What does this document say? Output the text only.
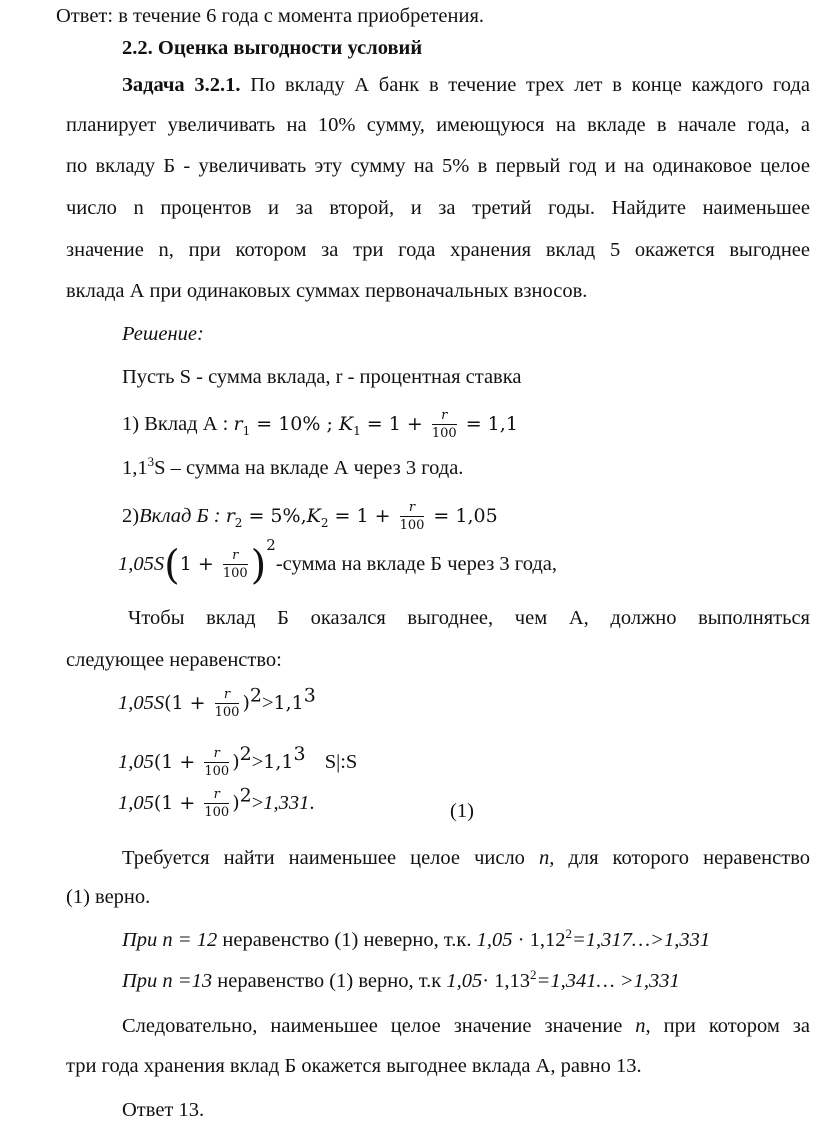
Ответ: в течение 6 года с момента приобретения.
2.2. Оценка выгодности условий
Задача 3.2.1. По вкладу А банк в течение трех лет в конце каждого года
планирует увеличивать на 10% сумму, имеющуюся на вкладе в начале года, а
по вкладу Б - увеличивать эту сумму на 5% в первый год и на одинаковое целое
число n процентов и за второй, и за третий годы. Найдите наименьшее
значение n, при котором за три года хранения вклад 5 окажется выгоднее
вклада А при одинаковых суммах первоначальных взносов.
Решение:
Пусть S - сумма вклада, r - процентная ставка
1) Вклад А : $r_1 = 10\%$ ; $K_1 = 1 + \frac{r}{100} = 1,1$
$1,1^3S$ – сумма на вкладе А через 3 года.
2)Вклад Б : $r_2 = 5\%,K_2 = 1 + \frac{r}{100} = 1,05$
$1,05S(1 + \frac{r}{100}$ )$^2$-сумма на вкладе Б через 3 года,
Чтобы вклад Б оказался выгоднее, чем А, должно выполняться
следующее неравенство:
$1,05S(1 + \frac{r}{100} )^2>1,1^3$
$1,05(1 + \frac{r}{100} )^2>1,1^3$ S|:S
$1,05(1 + \frac{r}{100} )^2>1,331$.	(1)
Требуется найти наименьшее целое число n, для которого неравенство
(1) верно.
При n = 12 неравенство (1) неверно, т.к. $1,05 \cdot 1,12^2=1,317\dots>1,331$
При n =13 неравенство (1) верно, т.к $1,05\cdot 1,13^2=1,341\dots >1,331$
Следовательно, наименьшее целое значение значение n, при котором за
три года хранения вклад Б окажется выгоднее вклада А, равно 13.
Ответ 13.
